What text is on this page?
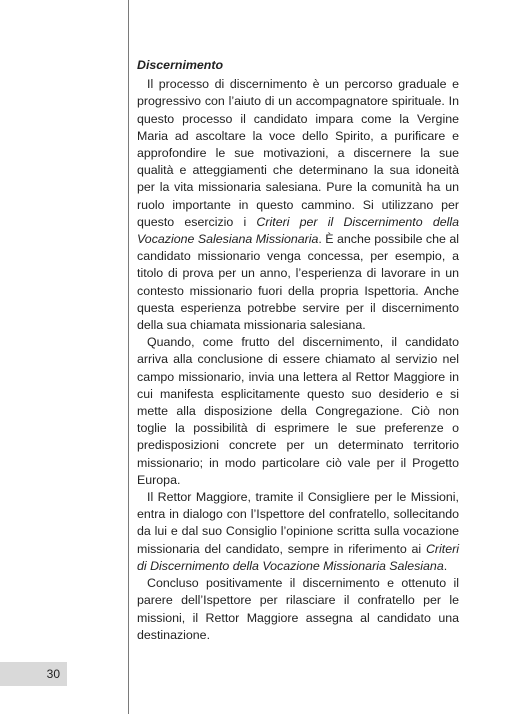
30

Discernimento

Il processo di discernimento è un percorso graduale e progressivo con l’aiuto di un accompagnatore spirituale. In questo processo il candidato impara come la Vergine Maria ad ascoltare la voce dello Spirito, a purificare e approfondire le sue motivazioni, a discernere la sue qualità e atteggiamenti che determinano la sua idoneità per la vita missionaria salesiana. Pure la comunità ha un ruolo importante in questo cammino. Si utilizzano per questo esercizio i Criteri per il Discernimento della Vocazione Salesiana Missionaria. È anche possibile che al candidato missionario venga concessa, per esempio, a titolo di prova per un anno, l’esperienza di lavorare in un contesto missionario fuori della propria Ispettoria. Anche questa esperienza potrebbe servire per il discernimento della sua chiamata missionaria salesiana.

Quando, come frutto del discernimento, il candidato arriva alla conclusione di essere chiamato al servizio nel campo missionario, invia una lettera al Rettor Maggiore in cui manifesta esplicitamente questo suo desiderio e si mette alla disposizione della Congregazione. Ciò non toglie la possibilità di esprimere le sue preferenze o predisposizioni concrete per un determinato territorio missionario; in modo particolare ciò vale per il Progetto Europa.

Il Rettor Maggiore, tramite il Consigliere per le Missioni, entra in dialogo con l’Ispettore del confratello, sollecitando da lui e dal suo Consiglio l’opinione scritta sulla vocazione missionaria del candidato, sempre in riferimento ai Criteri di Discernimento della Vocazione Missionaria Salesiana.

Concluso positivamente il discernimento e ottenuto il parere dell’Ispettore per rilasciare il confratello per le missioni, il Rettor Maggiore assegna al candidato una destinazione.
